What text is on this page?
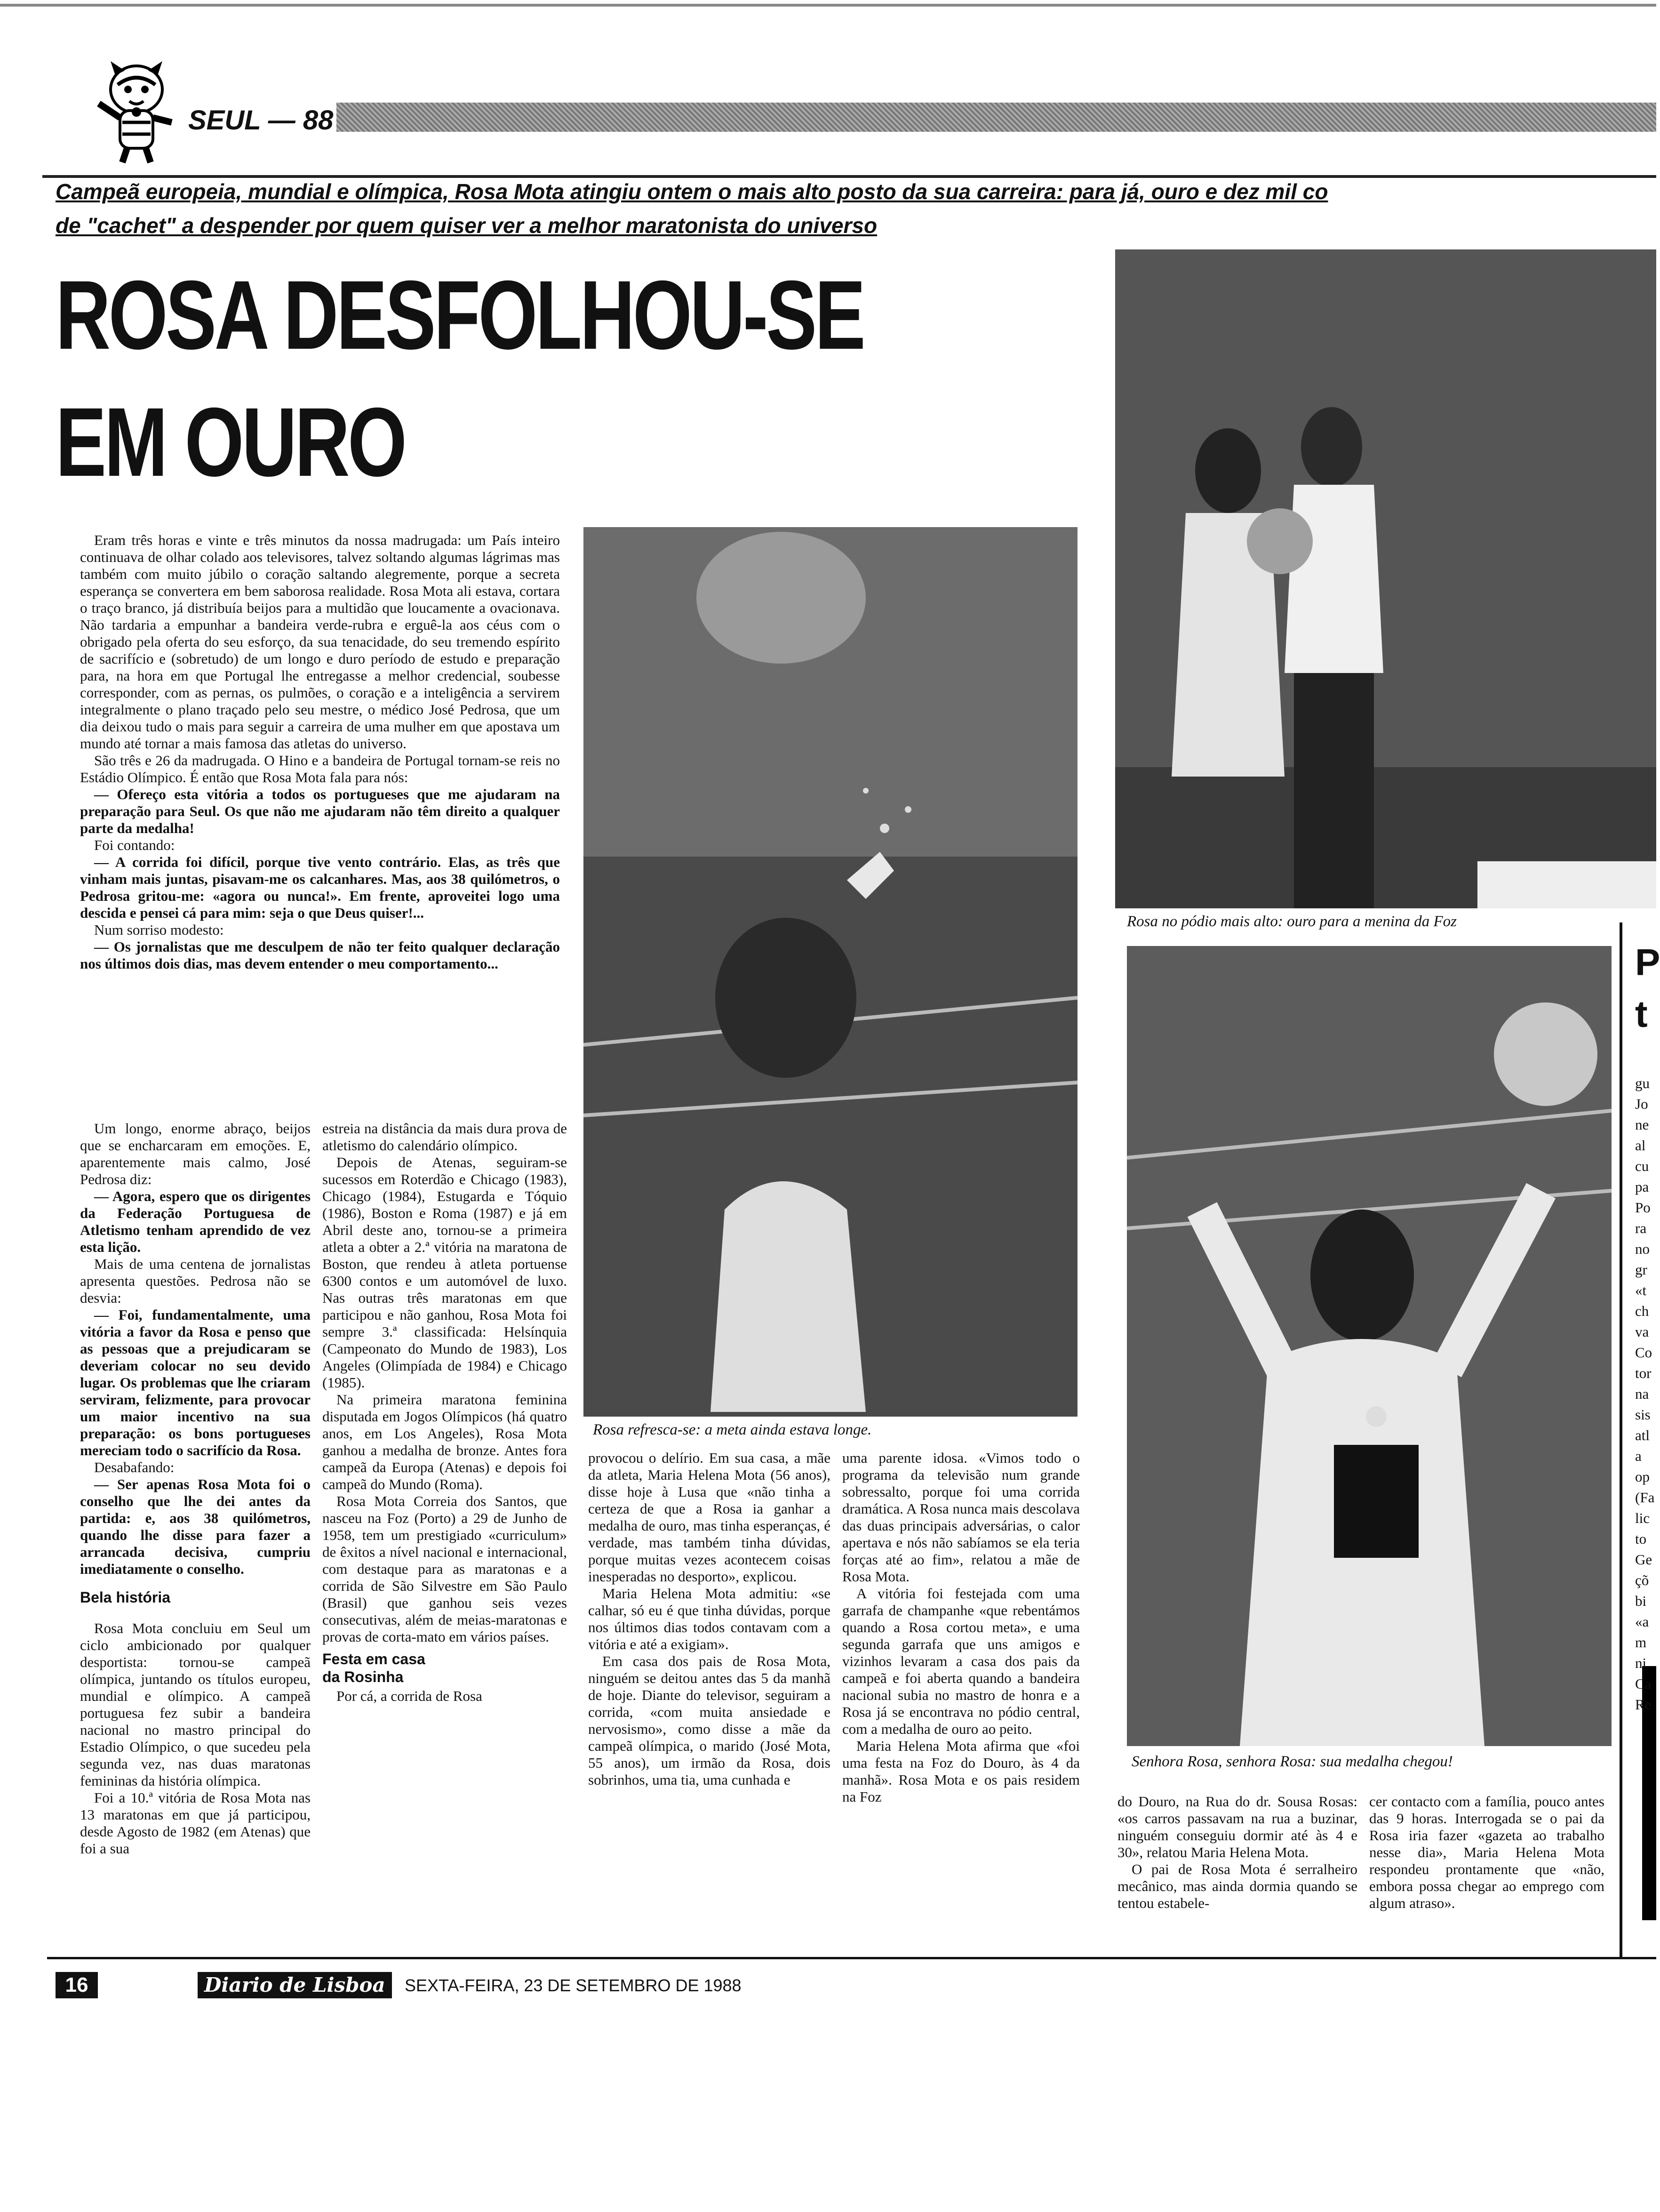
SEUL — 88
Campeã europeia, mundial e olímpica, Rosa Mota atingiu ontem o mais alto posto da sua carreira: para já, ouro e dez mil co
de "cachet" a despender por quem quiser ver a melhor maratonista do universo
ROSA DESFOLHOU-SE
EM OURO

Eram três horas e vinte e três minutos da nossa madrugada: um País inteiro continuava de olhar colado aos televisores, talvez soltando algumas lágrimas mas também com muito júbilo o coração saltando alegremente, porque a secreta esperança se convertera em bem saborosa realidade. Rosa Mota ali estava, cortara o traço branco, já distribuía beijos para a multidão que loucamente a ovacionava. Não tardaria a empunhar a bandeira verde-rubra e erguê-la aos céus com o obrigado pela oferta do seu esforço, da sua tenacidade, do seu tremendo espírito de sacrifício e (sobretudo) de um longo e duro período de estudo e preparação para, na hora em que Portugal lhe entregasse a melhor credencial, soubesse corresponder, com as pernas, os pulmões, o coração e a inteligência a servirem integralmente o plano traçado pelo seu mestre, o médico José Pedrosa, que um dia deixou tudo o mais para seguir a carreira de uma mulher em que apostava um mundo até tornar a mais famosa das atletas do universo.

São três e 26 da madrugada. O Hino e a bandeira de Portugal tornam-se reis no Estádio Olímpico. É então que Rosa Mota fala para nós:

— Ofereço esta vitória a todos os portugueses que me ajudaram na preparação para Seul. Os que não me ajudaram não têm direito a qualquer parte da medalha!

Foi contando:

— A corrida foi difícil, porque tive vento contrário. Elas, as três que vinham mais juntas, pisavam-me os calcanhares. Mas, aos 38 quilómetros, o Pedrosa gritou-me: «agora ou nunca!». Em frente, aproveitei logo uma descida e pensei cá para mim: seja o que Deus quiser!...

Num sorriso modesto:

— Os jornalistas que me desculpem de não ter feito qualquer declaração nos últimos dois dias, mas devem entender o meu comportamento...

Um longo, enorme abraço, beijos que se encharcaram em emoções. E, aparentemente mais calmo, José Pedrosa diz:

— Agora, espero que os dirigentes da Federação Portuguesa de Atletismo tenham aprendido de vez esta lição.

Mais de uma centena de jornalistas apresenta questões. Pedrosa não se desvia:

— Foi, fundamentalmente, uma vitória a favor da Rosa e penso que as pessoas que a prejudicaram se deveriam colocar no seu devido lugar. Os problemas que lhe criaram serviram, felizmente, para provocar um maior incentivo na sua preparação: os bons portugueses mereciam todo o sacrifício da Rosa.

Desabafando:

— Ser apenas Rosa Mota foi o conselho que lhe dei antes da partida: e, aos 38 quilómetros, quando lhe disse para fazer a arrancada decisiva, cumpriu imediatamente o conselho.

Bela história

Rosa Mota concluiu em Seul um ciclo ambicionado por qualquer desportista: tornou-se campeã olímpica, juntando os títulos europeu, mundial e olímpico. A campeã portuguesa fez subir a bandeira nacional no mastro principal do Estadio Olímpico, o que sucedeu pela segunda vez, nas duas maratonas femininas da história olímpica.

Foi a 10.ª vitória de Rosa Mota nas 13 maratonas em que já participou, desde Agosto de 1982 (em Atenas) que foi a sua

estreia na distância da mais dura prova de atletismo do calendário olímpico.

Depois de Atenas, seguiram-se sucessos em Roterdão e Chicago (1983), Chicago (1984), Estugarda e Tóquio (1986), Boston e Roma (1987) e já em Abril deste ano, tornou-se a primeira atleta a obter a 2.ª vitória na maratona de Boston, que rendeu à atleta portuense 6300 contos e um automóvel de luxo. Nas outras três maratonas em que participou e não ganhou, Rosa Mota foi sempre 3.ª classificada: Helsínquia (Campeonato do Mundo de 1983), Los Angeles (Olimpíada de 1984) e Chicago (1985).

Na primeira maratona feminina disputada em Jogos Olímpicos (há quatro anos, em Los Angeles), Rosa Mota ganhou a medalha de bronze. Antes fora campeã da Europa (Atenas) e depois foi campeã do Mundo (Roma).

Rosa Mota Correia dos Santos, que nasceu na Foz (Porto) a 29 de Junho de 1958, tem um prestigiado «curriculum» de êxitos a nível nacional e internacional, com destaque para as maratonas e a corrida de São Silvestre em São Paulo (Brasil) que ganhou seis vezes consecutivas, além de meias-maratonas e provas de corta-mato em vários países.

Festa em casa
da Rosinha

Por cá, a corrida de Rosa

Rosa refresca-se: a meta ainda estava longe.

provocou o delírio. Em sua casa, a mãe da atleta, Maria Helena Mota (56 anos), disse hoje à Lusa que «não tinha a certeza de que a Rosa ia ganhar a medalha de ouro, mas tinha esperanças, é verdade, mas também tinha dúvidas, porque muitas vezes acontecem coisas inesperadas no desporto», explicou.

Maria Helena Mota admitiu: «se calhar, só eu é que tinha dúvidas, porque nos últimos dias todos contavam com a vitória e até a exigiam».

Em casa dos pais de Rosa Mota, ninguém se deitou antes das 5 da manhã de hoje. Diante do televisor, seguiram a corrida, «com muita ansiedade e nervosismo», como disse a mãe da campeã olímpica, o marido (José Mota, 55 anos), um irmão da Rosa, dois sobrinhos, uma tia, uma cunhada e

uma parente idosa. «Vimos todo o programa da televisão num grande sobressalto, porque foi uma corrida dramática. A Rosa nunca mais descolava das duas principais adversárias, o calor apertava e nós não sabíamos se ela teria forças até ao fim», relatou a mãe de Rosa Mota.

A vitória foi festejada com uma garrafa de champanhe «que rebentámos quando a Rosa cortou meta», e uma segunda garrafa que uns amigos e vizinhos levaram a casa dos pais da campeã e foi aberta quando a bandeira nacional subia no mastro de honra e a Rosa já se encontrava no pódio central, com a medalha de ouro ao peito.

Maria Helena Mota afirma que «foi uma festa na Foz do Douro, às 4 da manhã». Rosa Mota e os pais residem na Foz

Rosa no pódio mais alto: ouro para a menina da Foz
Senhora Rosa, senhora Rosa: sua medalha chegou!

do Douro, na Rua do dr. Sousa Rosas: «os carros passavam na rua a buzinar, ninguém conseguiu dormir até às 4 e 30», relatou Maria Helena Mota.

O pai de Rosa Mota é serralheiro mecânico, mas ainda dormia quando se tentou estabele-

cer contacto com a família, pouco antes das 9 horas. Interrogada se o pai da Rosa iria fazer «gazeta ao trabalho nesse dia», Maria Helena Mota respondeu prontamente que «não, embora possa chegar ao emprego com algum atraso».

P
t
gu
Jo
ne
al
cu
pa
Po
ra
no
gr
«t
ch
va
Co
tor
na
sis
atl
a
op
(Fa
lic
to
Ge
çõ
bi
«a
m
ni
Ca
Re
16	Diario de Lisboa	SEXTA-FEIRA, 23 DE SETEMBRO DE 1988
